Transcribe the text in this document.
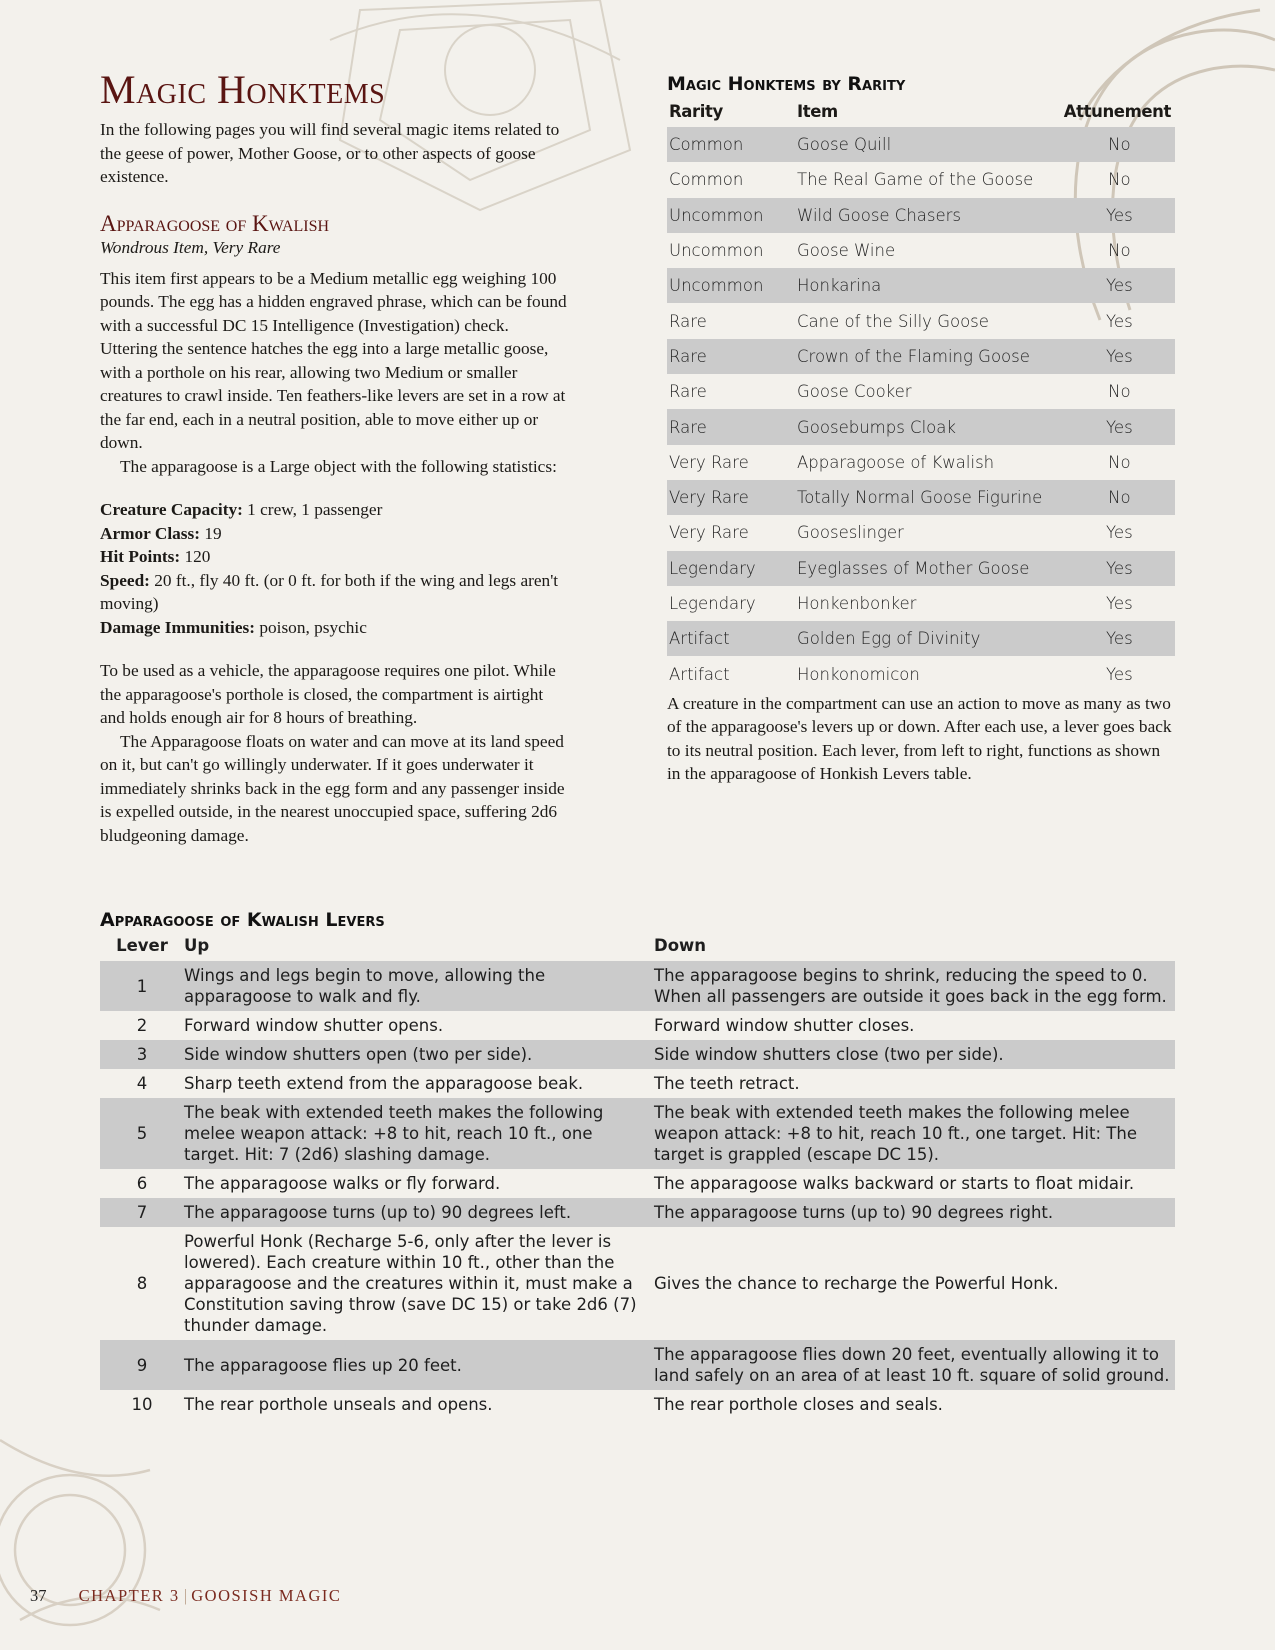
Magic Honktems

In the following pages you will find several magic items related to the geese of power, Mother Goose, or to other aspects of goose existence.

Apparagoose of Kwalish
Wondrous Item, Very Rare

This item first appears to be a Medium metallic egg weighing 100 pounds. The egg has a hidden engraved phrase, which can be found with a successful DC 15 Intelligence (Investigation) check. Uttering the sentence hatches the egg into a large metallic goose, with a porthole on his rear, allowing two Medium or smaller creatures to crawl inside. Ten feathers-like levers are set in a row at the far end, each in a neutral position, able to move either up or down.

The apparagoose is a Large object with the following statistics:

Creature Capacity: 1 crew, 1 passenger
Armor Class: 19
Hit Points: 120
Speed: 20 ft., fly 40 ft. (or 0 ft. for both if the wing and legs aren't moving)
Damage Immunities: poison, psychic

To be used as a vehicle, the apparagoose requires one pilot. While the apparagoose's porthole is closed, the compartment is airtight and holds enough air for 8 hours of breathing.

The Apparagoose floats on water and can move at its land speed on it, but can't go willingly underwater. If it goes underwater it immediately shrinks back in the egg form and any passenger inside is expelled outside, in the nearest unoccupied space, suffering 2d6 bludgeoning damage.

Magic Honktems by Rarity
Rarity	Item	Attunement
Common	Goose Quill	No
Common	The Real Game of the Goose	No
Uncommon	Wild Goose Chasers	Yes
Uncommon	Goose Wine	No
Uncommon	Honkarina	Yes
Rare	Cane of the Silly Goose	Yes
Rare	Crown of the Flaming Goose	Yes
Rare	Goose Cooker	No
Rare	Goosebumps Cloak	Yes
Very Rare	Apparagoose of Kwalish	No
Very Rare	Totally Normal Goose Figurine	No
Very Rare	Gooseslinger	Yes
Legendary	Eyeglasses of Mother Goose	Yes
Legendary	Honkenbonker	Yes
Artifact	Golden Egg of Divinity	Yes
Artifact	Honkonomicon	Yes

A creature in the compartment can use an action to move as many as two of the apparagoose's levers up or down. After each use, a lever goes back to its neutral position. Each lever, from left to right, functions as shown in the apparagoose of Honkish Levers table.

Apparagoose of Kwalish Levers
Lever	Up	Down
1	Wings and legs begin to move, allowing the apparagoose to walk and fly.	The apparagoose begins to shrink, reducing the speed to 0. When all passengers are outside it goes back in the egg form.
2	Forward window shutter opens.	Forward window shutter closes.
3	Side window shutters open (two per side).	Side window shutters close (two per side).
4	Sharp teeth extend from the apparagoose beak.	The teeth retract.
5	The beak with extended teeth makes the following melee weapon attack: +8 to hit, reach 10 ft., one target. Hit: 7 (2d6) slashing damage.	The beak with extended teeth makes the following melee weapon attack: +8 to hit, reach 10 ft., one target. Hit: The target is grappled (escape DC 15).
6	The apparagoose walks or fly forward.	The apparagoose walks backward or starts to float midair.
7	The apparagoose turns (up to) 90 degrees left.	The apparagoose turns (up to) 90 degrees right.
8	Powerful Honk (Recharge 5-6, only after the lever is lowered). Each creature within 10 ft., other than the apparagoose and the creatures within it, must make a Constitution saving throw (save DC 15) or take 2d6 (7) thunder damage.	Gives the chance to recharge the Powerful Honk.
9	The apparagoose flies up 20 feet.	The apparagoose flies down 20 feet, eventually allowing it to land safely on an area of at least 10 ft. square of solid ground.
10	The rear porthole unseals and opens.	The rear porthole closes and seals.
37 CHAPTER 3 | GOOSISH MAGIC
